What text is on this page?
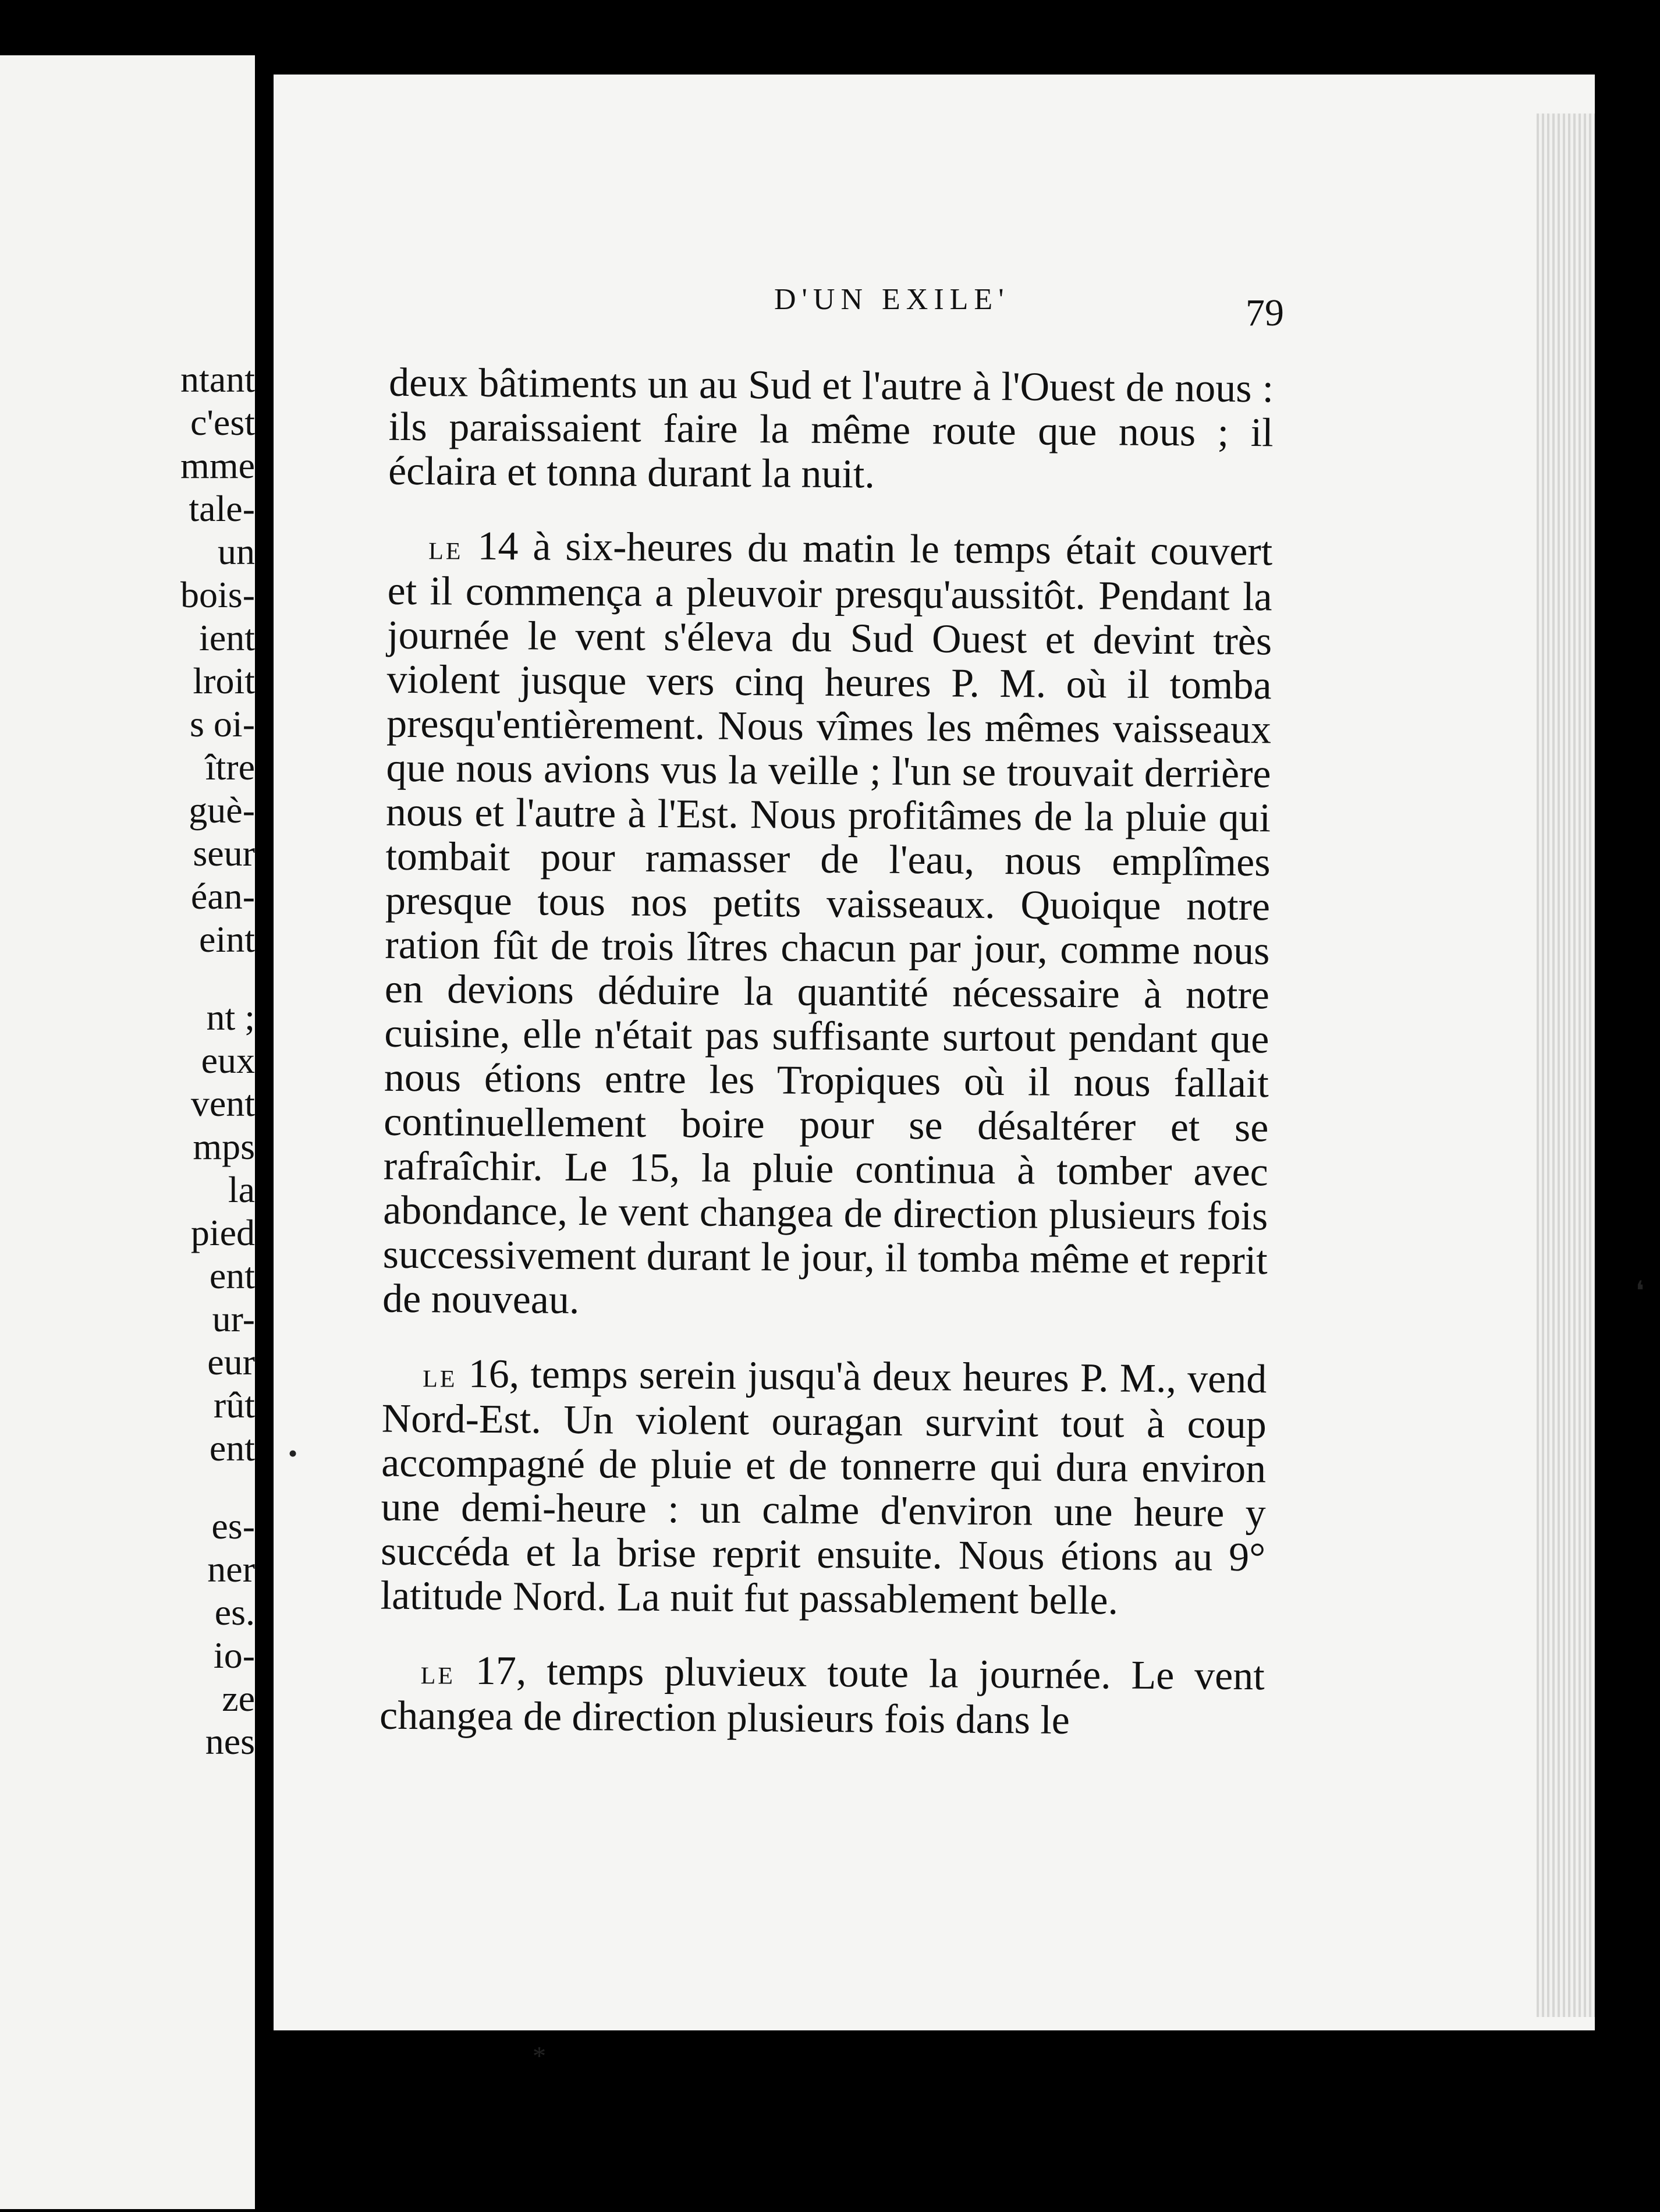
ntant
c'est
mme
tale-
un
bois-
ient
lroit
s oi-
ître
guè-
seur
éan-
eint
nt ;
eux
vent
mps
la
pied
ent
ur-
eur
rût
ent
es-
ner
es.
io-
ze
nes
D'UN EXILE'	79

deux bâtiments un au Sud et l'autre à l'Ouest de nous : ils paraissaient faire la même route que nous ; il éclaira et tonna durant la nuit.

le 14 à six-heures du matin le temps était couvert et il commença a pleuvoir presqu'aussitôt. Pendant la journée le vent s'éleva du Sud Ouest et devint très violent jusque vers cinq heures P. M. où il tomba presqu'entièrement. Nous vîmes les mêmes vaisseaux que nous avions vus la veille ; l'un se trouvait derrière nous et l'autre à l'Est. Nous profitâmes de la pluie qui tombait pour ramasser de l'eau, nous emplîmes presque tous nos petits vaisseaux. Quoique notre ration fût de trois lîtres chacun par jour, comme nous en devions déduire la quantité nécessaire à notre cuisine, elle n'était pas suffisante surtout pendant que nous étions entre les Tropiques où il nous fallait continuellement boire pour se désaltérer et se rafraîchir. Le 15, la pluie continua à tomber avec abondance, le vent changea de direction plusieurs fois successivement durant le jour, il tomba même et reprit de nouveau.

le 16, temps serein jusqu'à deux heures P. M., vend Nord-Est. Un violent ouragan survint tout à coup accompagné de pluie et de tonnerre qui dura environ une demi-heure : un calme d'environ une heure y succéda et la brise reprit ensuite. Nous étions au 9° latitude Nord. La nuit fut passablement belle.

le 17, temps pluvieux toute la journée. Le vent changea de direction plusieurs fois dans le

•
❛
*
